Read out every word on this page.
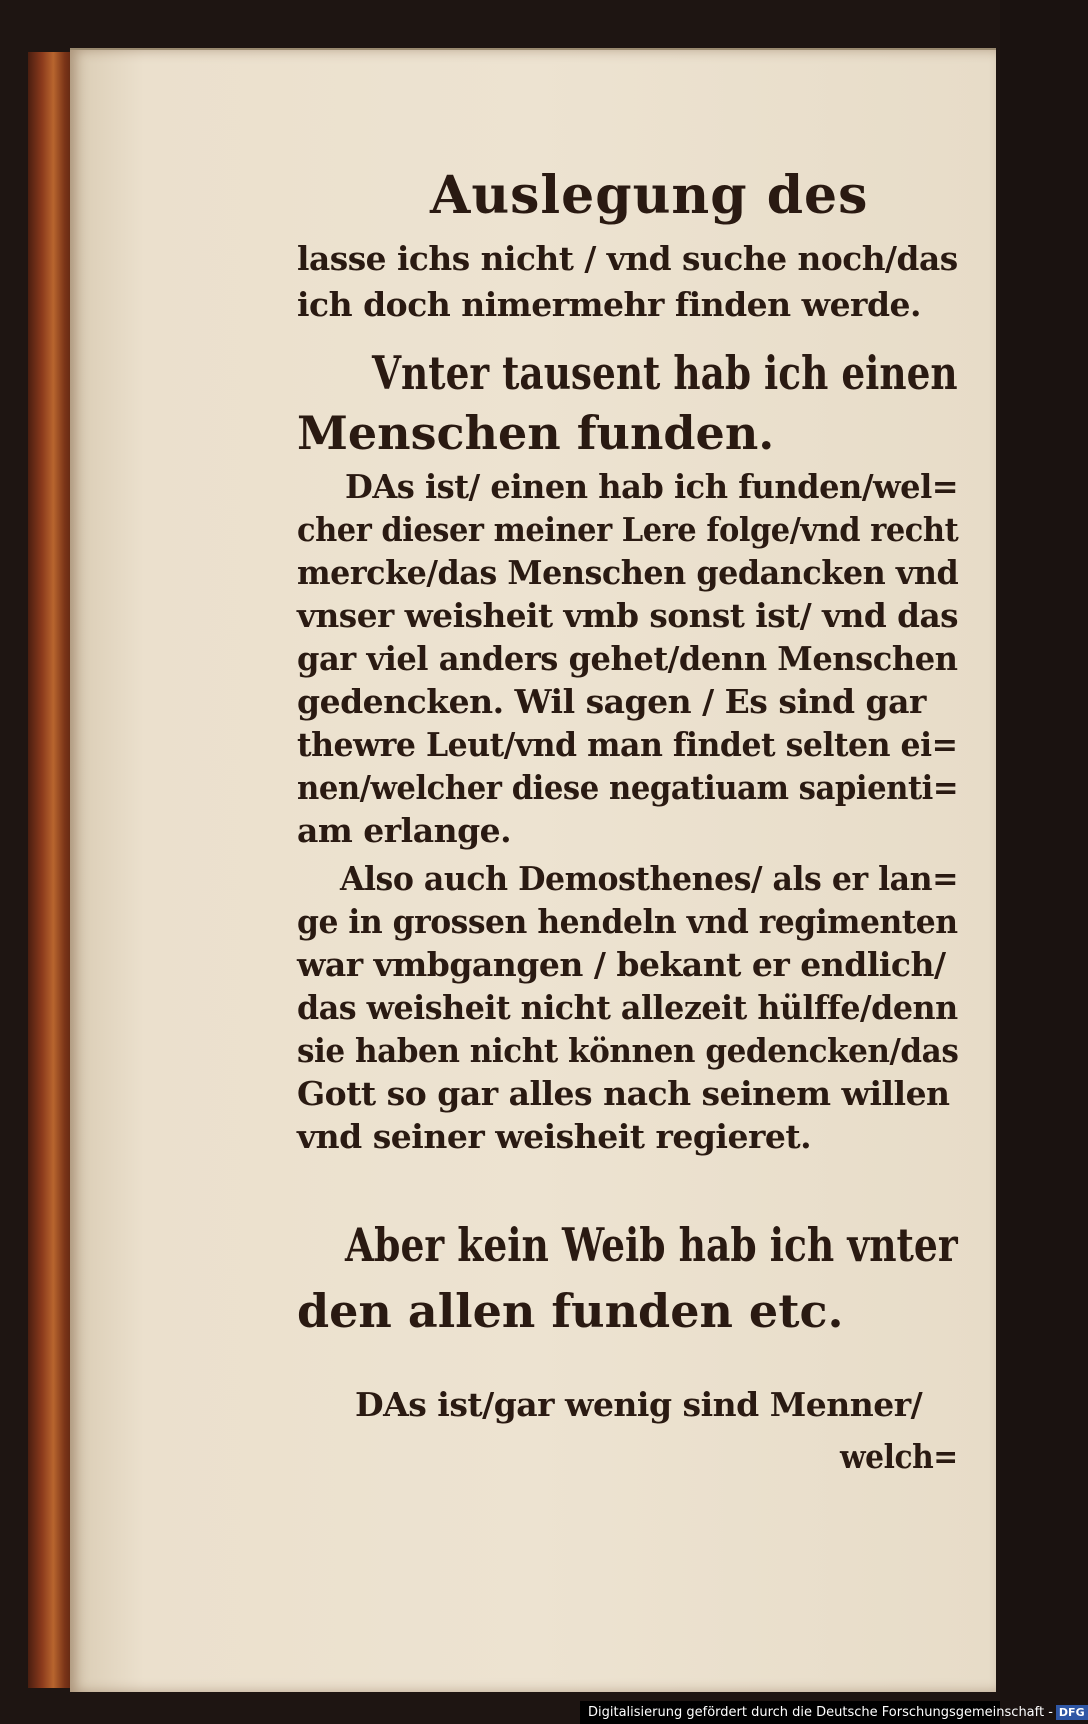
Auslegung des
lasse ichs nicht / vnd suche noch/das
ich doch nimermehr finden werde.
Vnter tausent hab ich einen
Menschen funden.
DAs ist/ einen hab ich funden/wel=
cher dieser meiner Lere folge/vnd recht
mercke/das Menschen gedancken vnd
vnser weisheit vmb sonst ist/ vnd das
gar viel anders gehet/denn Menschen
gedencken. Wil sagen / Es sind gar
thewre Leut/vnd man findet selten ei=
nen/welcher diese negatiuam sapienti=
am erlange.
Also auch Demosthenes/ als er lan=
ge in grossen hendeln vnd regimenten
war vmbgangen / bekant er endlich/
das weisheit nicht allezeit hülffe/denn
sie haben nicht können gedencken/das
Gott so gar alles nach seinem willen
vnd seiner weisheit regieret.
Aber kein Weib hab ich vnter
den allen funden etc.
DAs ist/gar wenig sind Menner/
welch=
Digitalisierung gefördert durch die Deutsche Forschungsgemeinschaft - DFG
